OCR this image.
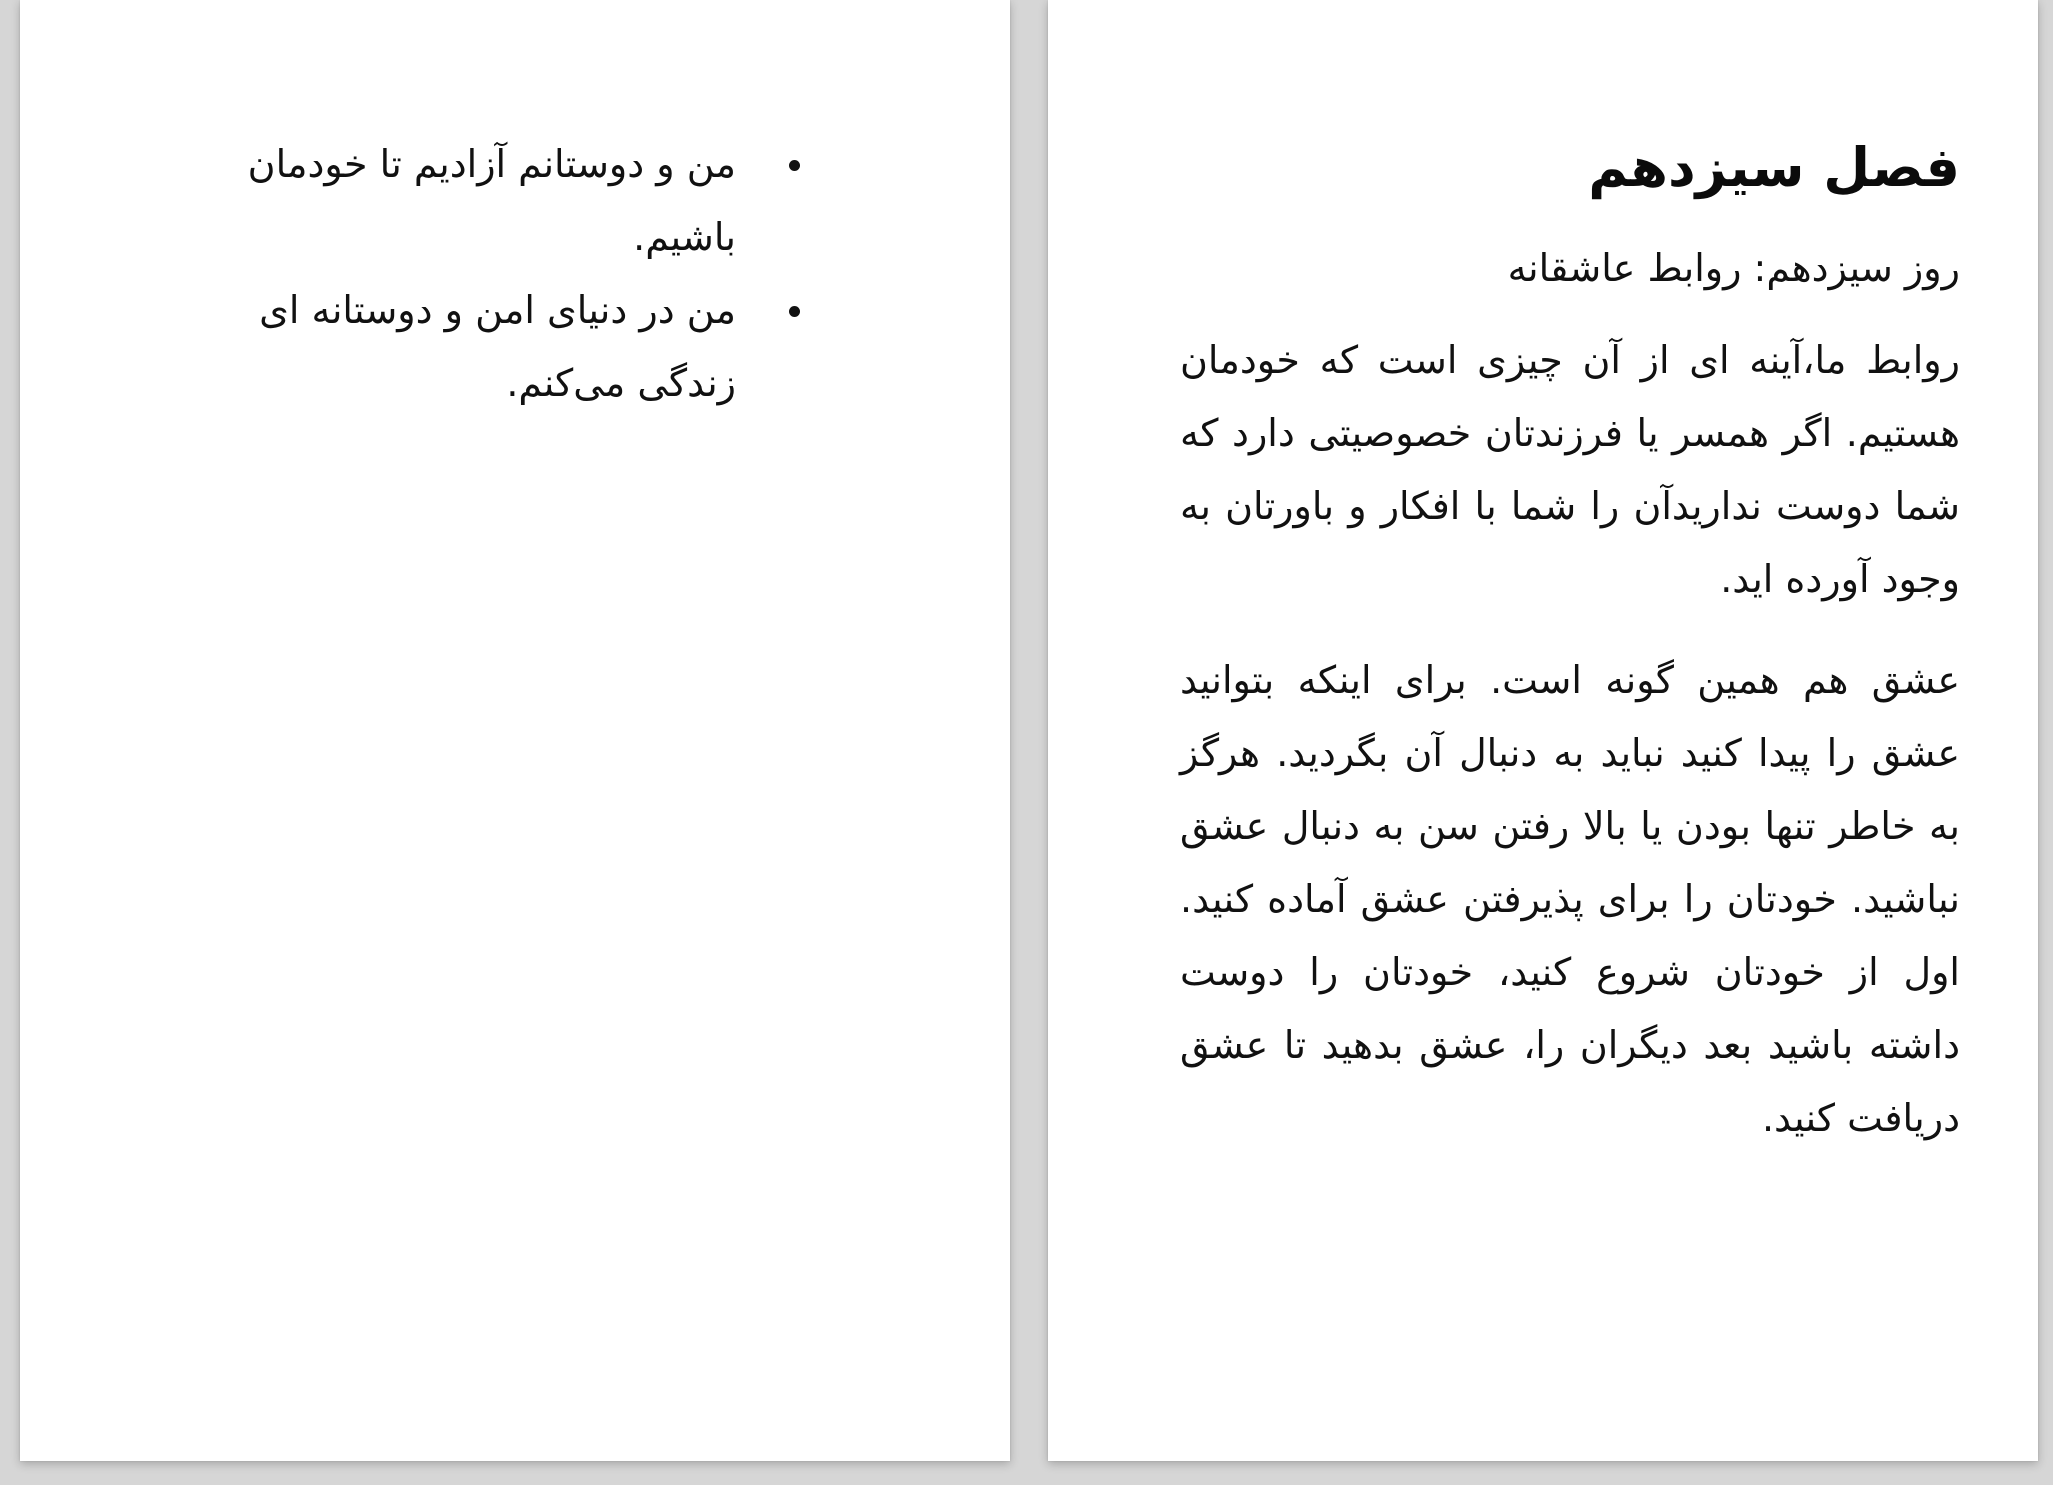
من و دوستانم آزادیم تا خودمان باشیم.
من در دنیای امن و دوستانه ای زندگی می‌کنم.
فصل سیزدهم

روز سیزدهم: روابط عاشقانه

روابط ما،آینه ای از آن چیزی است که خودمان هستیم. اگر همسر یا فرزندتان خصوصیتی دارد که شما دوست ندارید‌آن را شما با افکار و باورتان به وجود آورده اید.

عشق هم همین گونه است. برای اینکه بتوانید عشق را پیدا کنید نباید به دنبال آن بگردید. هرگز به خاطر تنها بودن یا بالا رفتن سن به دنبال عشق نباشید. خودتان را برای پذیرفتن عشق آماده کنید. اول از خودتان شروع کنید، خودتان را دوست داشته باشید بعد دیگران را، عشق بدهید تا عشق دریافت کنید.
